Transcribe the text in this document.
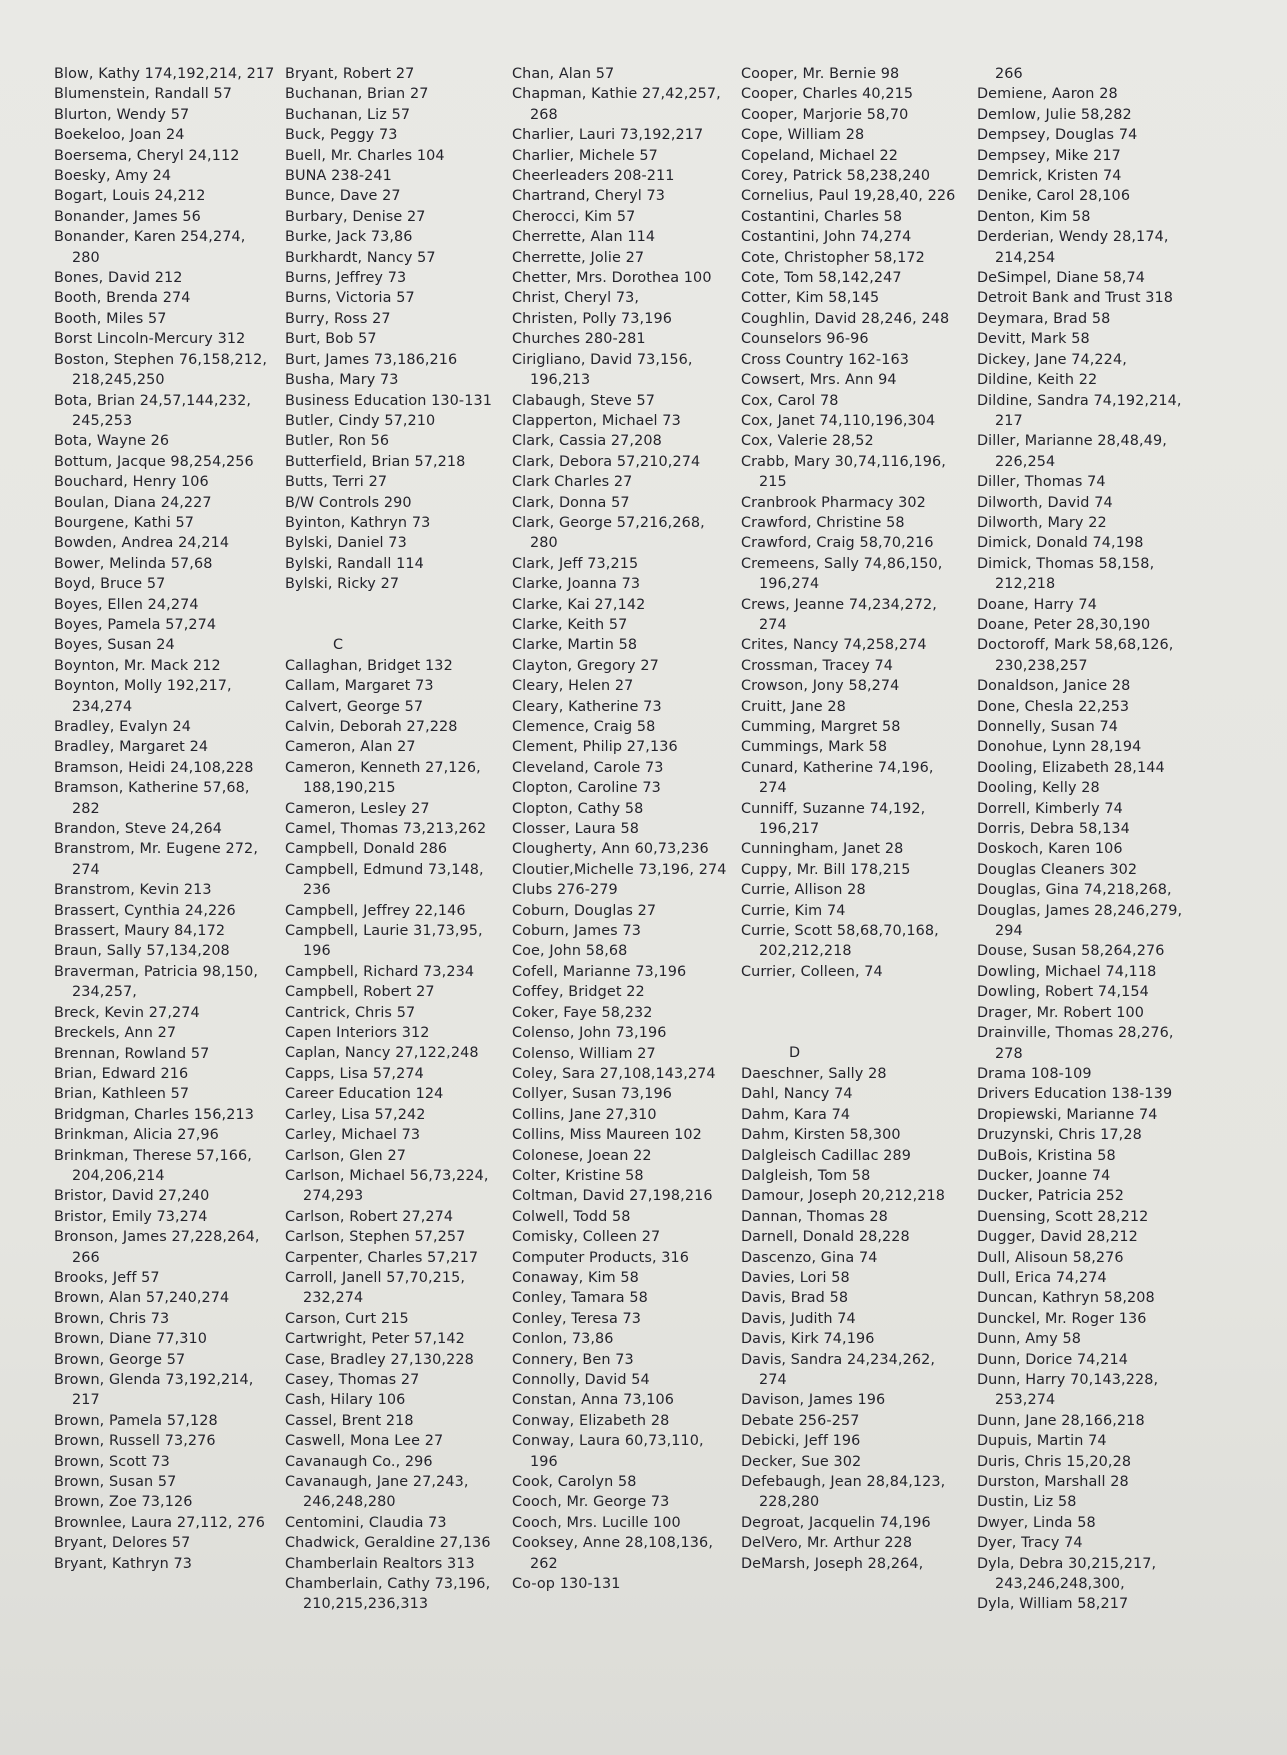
Blow, Kathy 174,192,214, 217
Blumenstein, Randall 57
Blurton, Wendy 57
Boekeloo, Joan 24
Boersema, Cheryl 24,112
Boesky, Amy 24
Bogart, Louis 24,212
Bonander, James 56
Bonander, Karen 254,274, 280
Bones, David 212
Booth, Brenda 274
Booth, Miles 57
Borst Lincoln-Mercury 312
Boston, Stephen 76,158,212, 218,245,250
Bota, Brian 24,57,144,232, 245,253
Bota, Wayne 26
Bottum, Jacque 98,254,256
Bouchard, Henry 106
Boulan, Diana 24,227
Bourgene, Kathi 57
Bowden, Andrea 24,214
Bower, Melinda 57,68
Boyd, Bruce 57
Boyes, Ellen 24,274
Boyes, Pamela 57,274
Boyes, Susan 24
Boynton, Mr. Mack 212
Boynton, Molly 192,217, 234,274
Bradley, Evalyn 24
Bradley, Margaret 24
Bramson, Heidi 24,108,228
Bramson, Katherine 57,68, 282
Brandon, Steve 24,264
Branstrom, Mr. Eugene 272, 274
Branstrom, Kevin 213
Brassert, Cynthia 24,226
Brassert, Maury 84,172
Braun, Sally 57,134,208
Braverman, Patricia 98,150, 234,257,
Breck, Kevin 27,274
Breckels, Ann 27
Brennan, Rowland 57
Brian, Edward 216
Brian, Kathleen 57
Bridgman, Charles 156,213
Brinkman, Alicia 27,96
Brinkman, Therese 57,166, 204,206,214
Bristor, David 27,240
Bristor, Emily 73,274
Bronson, James 27,228,264, 266
Brooks, Jeff 57
Brown, Alan 57,240,274
Brown, Chris 73
Brown, Diane 77,310
Brown, George 57
Brown, Glenda 73,192,214, 217
Brown, Pamela 57,128
Brown, Russell 73,276
Brown, Scott 73
Brown, Susan 57
Brown, Zoe 73,126
Brownlee, Laura 27,112, 276
Bryant, Delores 57
Bryant, Kathryn 73
Bryant, Robert 27
Buchanan, Brian 27
Buchanan, Liz 57
Buck, Peggy 73
Buell, Mr. Charles 104
BUNA 238-241
Bunce, Dave 27
Burbary, Denise 27
Burke, Jack 73,86
Burkhardt, Nancy 57
Burns, Jeffrey 73
Burns, Victoria 57
Burry, Ross 27
Burt, Bob 57
Burt, James 73,186,216
Busha, Mary 73
Business Education 130-131
Butler, Cindy 57,210
Butler, Ron 56
Butterfield, Brian 57,218
Butts, Terri 27
B/W Controls 290
Byinton, Kathryn 73
Bylski, Daniel 73
Bylski, Randall 114
Bylski, Ricky 27
C
Callaghan, Bridget 132
Callam, Margaret 73
Calvert, George 57
Calvin, Deborah 27,228
Cameron, Alan 27
Cameron, Kenneth 27,126, 188,190,215
Cameron, Lesley 27
Camel, Thomas 73,213,262
Campbell, Donald 286
Campbell, Edmund 73,148, 236
Campbell, Jeffrey 22,146
Campbell, Laurie 31,73,95, 196
Campbell, Richard 73,234
Campbell, Robert 27
Cantrick, Chris 57
Capen Interiors 312
Caplan, Nancy 27,122,248
Capps, Lisa 57,274
Career Education 124
Carley, Lisa 57,242
Carley, Michael 73
Carlson, Glen 27
Carlson, Michael 56,73,224, 274,293
Carlson, Robert 27,274
Carlson, Stephen 57,257
Carpenter, Charles 57,217
Carroll, Janell 57,70,215, 232,274
Carson, Curt 215
Cartwright, Peter 57,142
Case, Bradley 27,130,228
Casey, Thomas 27
Cash, Hilary 106
Cassel, Brent 218
Caswell, Mona Lee 27
Cavanaugh Co., 296
Cavanaugh, Jane 27,243, 246,248,280
Centomini, Claudia 73
Chadwick, Geraldine 27,136
Chamberlain Realtors 313
Chamberlain, Cathy 73,196, 210,215,236,313
Chan, Alan 57
Chapman, Kathie 27,42,257, 268
Charlier, Lauri 73,192,217
Charlier, Michele 57
Cheerleaders 208-211
Chartrand, Cheryl 73
Cherocci, Kim 57
Cherrette, Alan 114
Cherrette, Jolie 27
Chetter, Mrs. Dorothea 100
Christ, Cheryl 73,
Christen, Polly 73,196
Churches 280-281
Cirigliano, David 73,156, 196,213
Clabaugh, Steve 57
Clapperton, Michael 73
Clark, Cassia 27,208
Clark, Debora 57,210,274
Clark Charles 27
Clark, Donna 57
Clark, George 57,216,268, 280
Clark, Jeff 73,215
Clarke, Joanna 73
Clarke, Kai 27,142
Clarke, Keith 57
Clarke, Martin 58
Clayton, Gregory 27
Cleary, Helen 27
Cleary, Katherine 73
Clemence, Craig 58
Clement, Philip 27,136
Cleveland, Carole 73
Clopton, Caroline 73
Clopton, Cathy 58
Closser, Laura 58
Clougherty, Ann 60,73,236
Cloutier,Michelle 73,196, 274
Clubs 276-279
Coburn, Douglas 27
Coburn, James 73
Coe, John 58,68
Cofell, Marianne 73,196
Coffey, Bridget 22
Coker, Faye 58,232
Colenso, John 73,196
Colenso, William 27
Coley, Sara 27,108,143,274
Collyer, Susan 73,196
Collins, Jane 27,310
Collins, Miss Maureen 102
Colonese, Joean 22
Colter, Kristine 58
Coltman, David 27,198,216
Colwell, Todd 58
Comisky, Colleen 27
Computer Products, 316
Conaway, Kim 58
Conley, Tamara 58
Conley, Teresa 73
Conlon, 73,86
Connery, Ben 73
Connolly, David 54
Constan, Anna 73,106
Conway, Elizabeth 28
Conway, Laura 60,73,110, 196
Cook, Carolyn 58
Cooch, Mr. George 73
Cooch, Mrs. Lucille 100
Cooksey, Anne 28,108,136, 262
Co-op 130-131
Cooper, Mr. Bernie 98
Cooper, Charles 40,215
Cooper, Marjorie 58,70
Cope, William 28
Copeland, Michael 22
Corey, Patrick 58,238,240
Cornelius, Paul 19,28,40, 226
Costantini, Charles 58
Costantini, John 74,274
Cote, Christopher 58,172
Cote, Tom 58,142,247
Cotter, Kim 58,145
Coughlin, David 28,246, 248
Counselors 96-96
Cross Country 162-163
Cowsert, Mrs. Ann 94
Cox, Carol 78
Cox, Janet 74,110,196,304
Cox, Valerie 28,52
Crabb, Mary 30,74,116,196, 215
Cranbrook Pharmacy 302
Crawford, Christine 58
Crawford, Craig 58,70,216
Cremeens, Sally 74,86,150, 196,274
Crews, Jeanne 74,234,272, 274
Crites, Nancy 74,258,274
Crossman, Tracey 74
Crowson, Jony 58,274
Cruitt, Jane 28
Cumming, Margret 58
Cummings, Mark 58
Cunard, Katherine 74,196, 274
Cunniff, Suzanne 74,192, 196,217
Cunningham, Janet 28
Cuppy, Mr. Bill 178,215
Currie, Allison 28
Currie, Kim 74
Currie, Scott 58,68,70,168, 202,212,218
Currier, Colleen, 74
D
Daeschner, Sally 28
Dahl, Nancy 74
Dahm, Kara 74
Dahm, Kirsten 58,300
Dalgleisch Cadillac 289
Dalgleish, Tom 58
Damour, Joseph 20,212,218
Dannan, Thomas 28
Darnell, Donald 28,228
Dascenzo, Gina 74
Davies, Lori 58
Davis, Brad 58
Davis, Judith 74
Davis, Kirk 74,196
Davis, Sandra 24,234,262, 274
Davison, James 196
Debate 256-257
Debicki, Jeff 196
Decker, Sue 302
Defebaugh, Jean 28,84,123, 228,280
Degroat, Jacquelin 74,196
DelVero, Mr. Arthur 228
DeMarsh, Joseph 28,264,
266
Demiene, Aaron 28
Demlow, Julie 58,282
Dempsey, Douglas 74
Dempsey, Mike 217
Demrick, Kristen 74
Denike, Carol 28,106
Denton, Kim 58
Derderian, Wendy 28,174, 214,254
DeSimpel, Diane 58,74
Detroit Bank and Trust 318
Deymara, Brad 58
Devitt, Mark 58
Dickey, Jane 74,224,
Dildine, Keith 22
Dildine, Sandra 74,192,214, 217
Diller, Marianne 28,48,49, 226,254
Diller, Thomas 74
Dilworth, David 74
Dilworth, Mary 22
Dimick, Donald 74,198
Dimick, Thomas 58,158, 212,218
Doane, Harry 74
Doane, Peter 28,30,190
Doctoroff, Mark 58,68,126, 230,238,257
Donaldson, Janice 28
Done, Chesla 22,253
Donnelly, Susan 74
Donohue, Lynn 28,194
Dooling, Elizabeth 28,144
Dooling, Kelly 28
Dorrell, Kimberly 74
Dorris, Debra 58,134
Doskoch, Karen 106
Douglas Cleaners 302
Douglas, Gina 74,218,268,
Douglas, James 28,246,279, 294
Douse, Susan 58,264,276
Dowling, Michael 74,118
Dowling, Robert 74,154
Drager, Mr. Robert 100
Drainville, Thomas 28,276, 278
Drama 108-109
Drivers Education 138-139
Dropiewski, Marianne 74
Druzynski, Chris 17,28
DuBois, Kristina 58
Ducker, Joanne 74
Ducker, Patricia 252
Duensing, Scott 28,212
Dugger, David 28,212
Dull, Alisoun 58,276
Dull, Erica 74,274
Duncan, Kathryn 58,208
Dunckel, Mr. Roger 136
Dunn, Amy 58
Dunn, Dorice 74,214
Dunn, Harry 70,143,228, 253,274
Dunn, Jane 28,166,218
Dupuis, Martin 74
Duris, Chris 15,20,28
Durston, Marshall 28
Dustin, Liz 58
Dwyer, Linda 58
Dyer, Tracy 74
Dyla, Debra 30,215,217, 243,246,248,300,
Dyla, William 58,217
